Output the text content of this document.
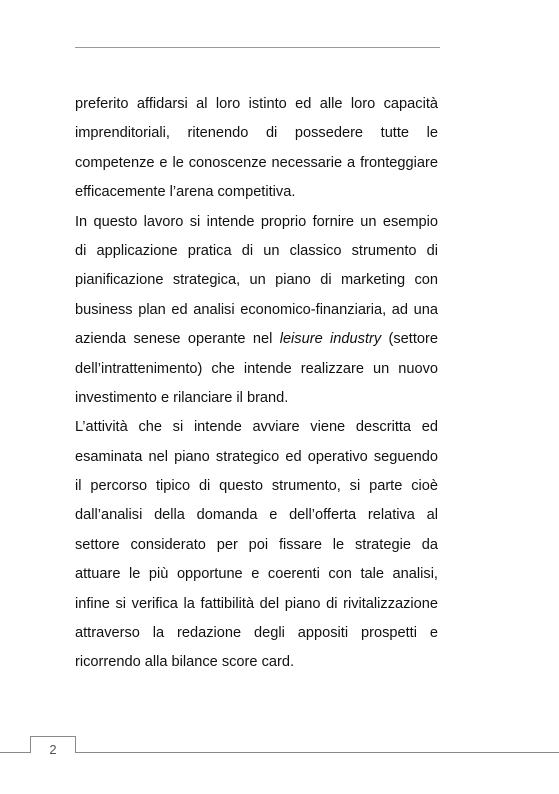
preferito affidarsi al loro istinto ed alle loro capacità
imprenditoriali, ritenendo di possedere tutte le
competenze e le conoscenze necessarie a fronteggiare
efficacemente l’arena competitiva.
In questo lavoro si intende proprio fornire un esempio
di applicazione pratica di un classico strumento di
pianificazione strategica, un piano di marketing con
business plan ed analisi economico-finanziaria, ad una
azienda senese operante nel leisure industry (settore
dell’intrattenimento) che intende realizzare un nuovo
investimento e rilanciare il brand.
L’attività che si intende avviare viene descritta ed
esaminata nel piano strategico ed operativo seguendo
il percorso tipico di questo strumento, si parte cioè
dall’analisi della domanda e dell’offerta relativa al
settore considerato per poi fissare le strategie da
attuare le più opportune e coerenti con tale analisi,
infine si verifica la fattibilità del piano di rivitalizzazione
attraverso la redazione degli appositi prospetti e
ricorrendo alla bilance score card.
2
